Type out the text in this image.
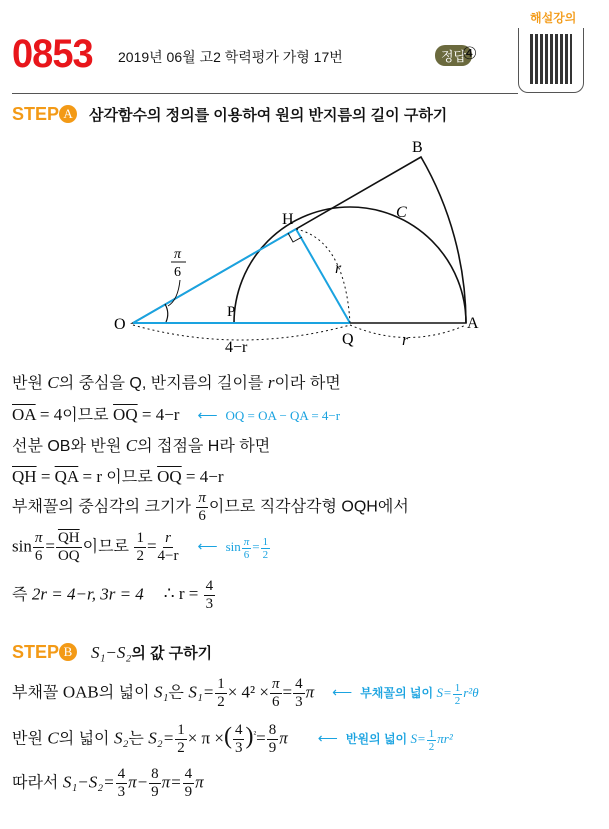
0853 2019년 06월 고2 학력평가 가형 17번	정답
④
해설강의
STEP A 삼각함수의 정의를 이용하여 원의 반지름의 길이 구하기
O	A
B
C
H
P
Q
r
r
4−r
π
6
반원 C의 중심을 Q, 반지름의 길이를 r이라 하면
$\overline{OA} = 4$이므로 $\overline{OQ} = 4-r$ ⟵ OQ = OA − QA = 4−r
선분 OB와 반원 C의 접점을 H라 하면
$\overline{QH} = \overline{QA} = r$ 이므로 $\overline{OQ} = 4-r$
부채꼴의 중심각의 크기가 $\frac{\pi}{6}$ 이므로 직각삼각형 OQH에서
$\sin \frac{\pi}{6} = \frac{\overline{QH}}{OQ}$ 이므로 $\frac{1}{2} = \frac{r}{4-r}$ ⟵ $\sin \frac{\pi}{6} = \frac{1}{2}$
즉 2r = 4−r, 3r = 4 ∴ $r = \frac{4}{3}$
STEP B S₁−S₂의 값 구하기
부채꼴 OAB의 넓이 S₁은 $S_1= \frac{1}{2} \times 4^2 \times \frac{\pi}{6} = \frac{4}{3}$ π ⟵ 부채꼴의 넓이 $S= \frac{1}{2} r^2\theta$
반원 C의 넓이 S₂는 $S_2= \frac{1}{2} \times \pi$ ×( $\frac{4}{3} )^{^2}= \frac{8}{9}$ π ⟵ 반원의 넓이 $S= \frac{1}{2} \pi r^2$
따라서 $S_1-S_2= \frac{4}{3} \pi- \frac{8}{9} \pi= \frac{4}{9}$ π
